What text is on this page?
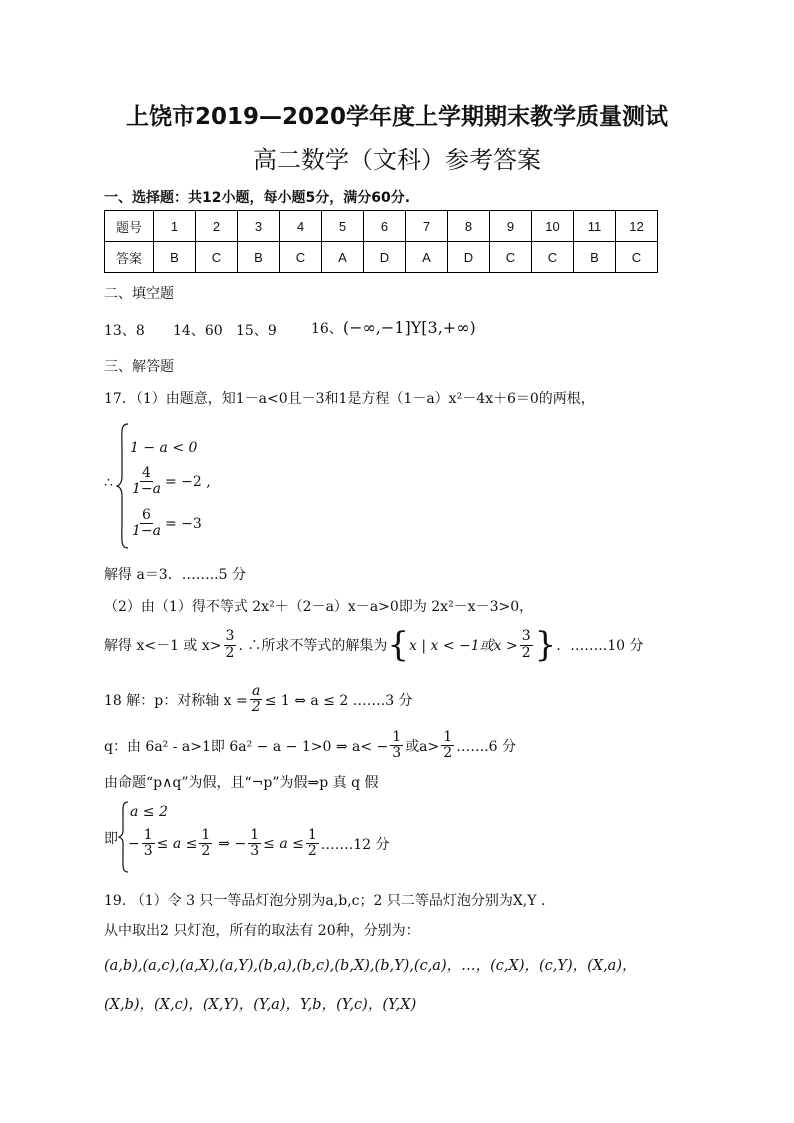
上饶市2019—2020学年度上学期期末教学质量测试
高二数学（文科）参考答案
一、选择题：共12小题，每小题5分，满分60分.
题号	1	2	3	4	5	6	7	8	9	10	11	12
答案	B	C	B	C	A	D	A	D	C	C	B	C
二、填空题
13、8 14、60 15、9 16、(−∞,−1]Y[3,+∞)
三、解答题
17．（1）由题意，知1－a<0且－3和1是方程（1－a）x²－4x＋6＝0的两根，
∴
1 − a < 0
$\frac{4}{1-a} = -2$ ,
$\frac{6}{1-a} = -3$
解得 a＝3．……..5 分
（2）由（1）得不等式 2x²＋（2－a）x－a>0即为 2x²－x－3>0，
解得 x<－1 或 $x> \frac{3}{2}$ . ∴所求不等式的解集为 { x | x < −1或$x > \frac{3}{2}$ } ．……..10 分
18 解：p：对称轴 $x = \frac{a}{2} \le 1$ ⇔ a ≤ 2 …….3 分
q：由 6a² - a>1即 6a² − a − 1>0 ⇒ $a< - \frac{1}{3}$ 或$a> \frac{1}{2}$ …….6 分
由命题“p∧q”为假，且“¬p”为假⇒p 真 q 假
即
a ≤ 2
− $\frac{1}{3} \le a \le \frac{1}{2}$ ⇒ − $\frac{1}{3} \le a \le \frac{1}{2}$ …….12 分
19. （1）令 3 只一等品灯泡分别为a,b,c；2 只二等品灯泡分别为X,Y .
从中取出2 只灯泡，所有的取法有 20种，分别为：
(a,b),(a,c),(a,X),(a,Y),(b,a),(b,c),(b,X),(b,Y),(c,a)，…，(c,X)，(c,Y)，(X,a)，
(X,b)，(X,c)，(X,Y)，(Y,a)，Y,b，(Y,c)，(Y,X)
